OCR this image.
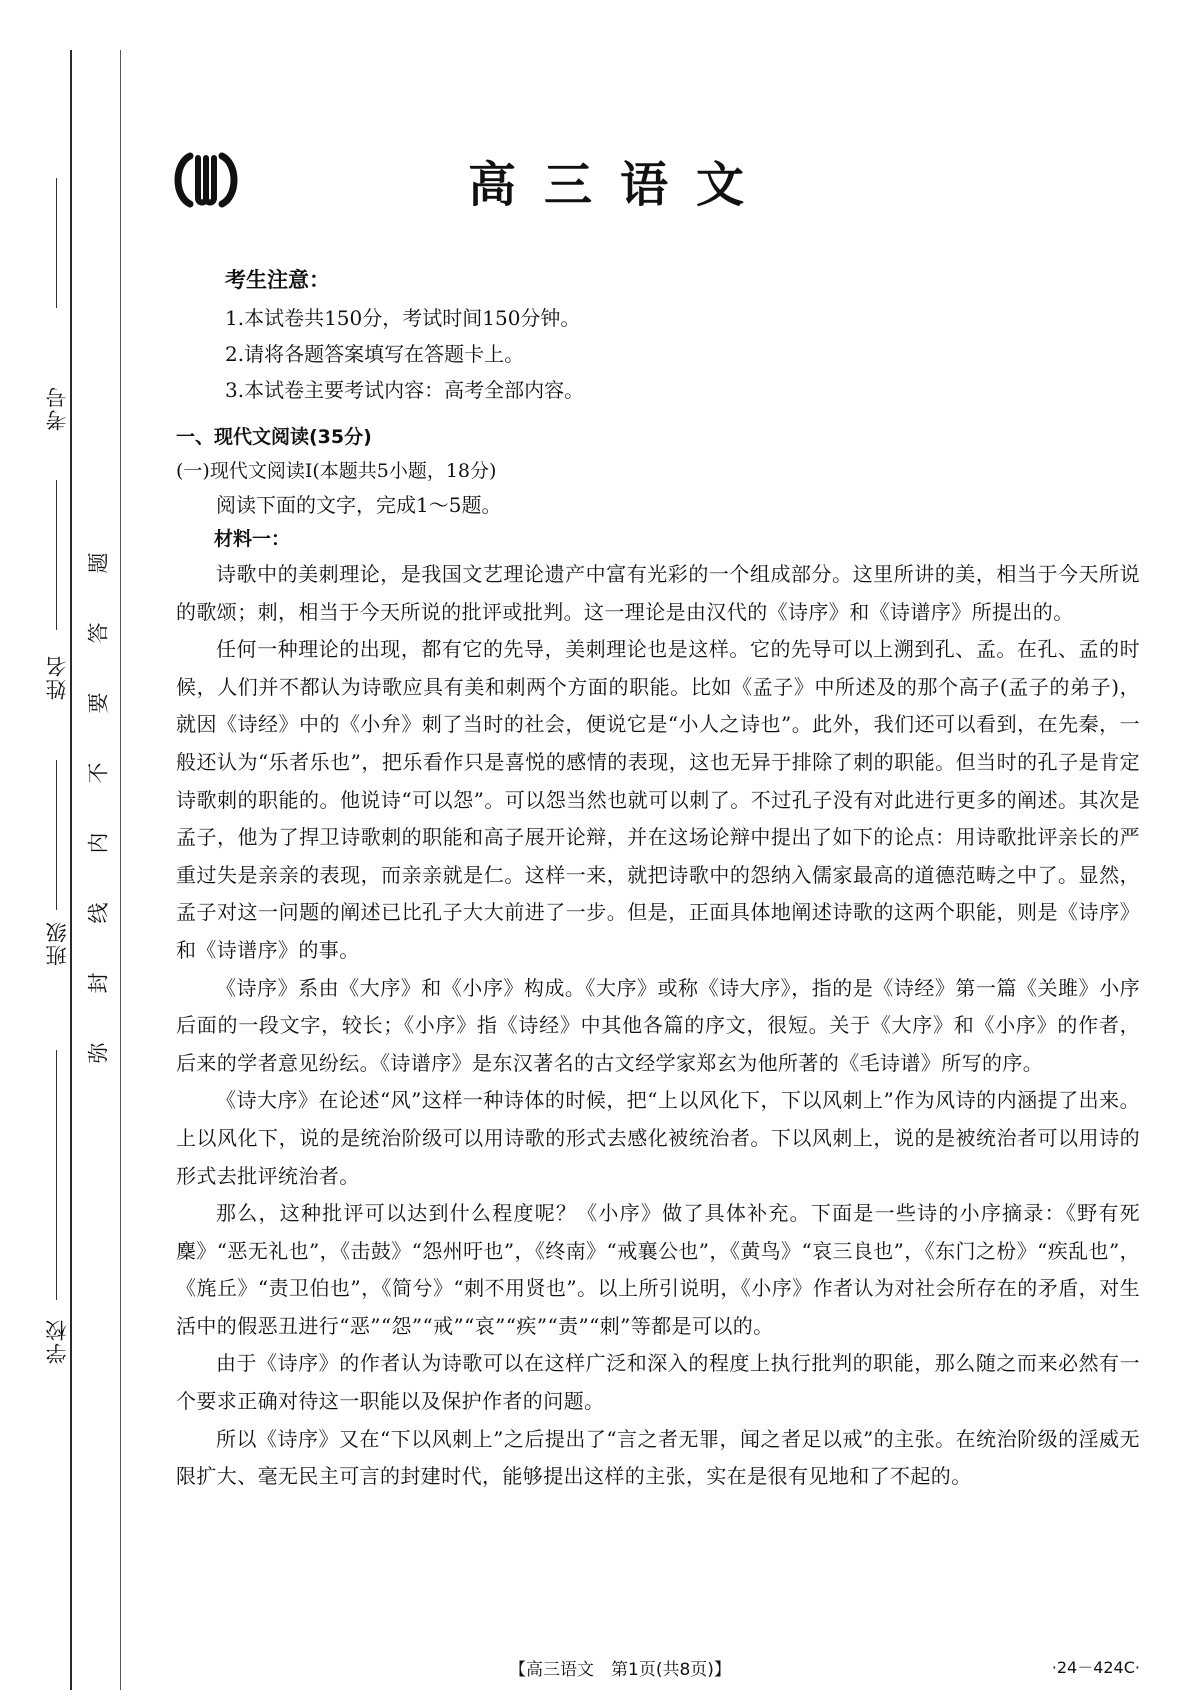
考号
姓名
班级
学校
题
答
要
不
内
线
封
弥
高三语文
考生注意：
1.本试卷共150分，考试时间150分钟。
2.请将各题答案填写在答题卡上。
3.本试卷主要考试内容：高考全部内容。
一、现代文阅读(35分)
(一)现代文阅读Ⅰ(本题共5小题，18分)
阅读下面的文字，完成1～5题。
材料一：

诗歌中的美刺理论，是我国文艺理论遗产中富有光彩的一个组成部分。这里所讲的美，相当于今天所说的歌颂；刺，相当于今天所说的批评或批判。这一理论是由汉代的《诗序》和《诗谱序》所提出的。

任何一种理论的出现，都有它的先导，美刺理论也是这样。它的先导可以上溯到孔、孟。在孔、孟的时候，人们并不都认为诗歌应具有美和刺两个方面的职能。比如《孟子》中所述及的那个高子(孟子的弟子)，就因《诗经》中的《小弁》刺了当时的社会，便说它是“小人之诗也”。此外，我们还可以看到，在先秦，一般还认为“乐者乐也”，把乐看作只是喜悦的感情的表现，这也无异于排除了刺的职能。但当时的孔子是肯定诗歌刺的职能的。他说诗“可以怨”。可以怨当然也就可以刺了。不过孔子没有对此进行更多的阐述。其次是孟子，他为了捍卫诗歌刺的职能和高子展开论辩，并在这场论辩中提出了如下的论点：用诗歌批评亲长的严重过失是亲亲的表现，而亲亲就是仁。这样一来，就把诗歌中的怨纳入儒家最高的道德范畴之中了。显然，孟子对这一问题的阐述已比孔子大大前进了一步。但是，正面具体地阐述诗歌的这两个职能，则是《诗序》和《诗谱序》的事。

《诗序》系由《大序》和《小序》构成。《大序》或称《诗大序》，指的是《诗经》第一篇《关雎》小序后面的一段文字，较长；《小序》指《诗经》中其他各篇的序文，很短。关于《大序》和《小序》的作者，后来的学者意见纷纭。《诗谱序》是东汉著名的古文经学家郑玄为他所著的《毛诗谱》所写的序。

《诗大序》在论述“风”这样一种诗体的时候，把“上以风化下，下以风刺上”作为风诗的内涵提了出来。上以风化下，说的是统治阶级可以用诗歌的形式去感化被统治者。下以风刺上，说的是被统治者可以用诗的形式去批评统治者。

那么，这种批评可以达到什么程度呢？《小序》做了具体补充。下面是一些诗的小序摘录：《野有死麇》“恶无礼也”，《击鼓》“怨州吁也”，《终南》“戒襄公也”，《黄鸟》“哀三良也”，《东门之枌》“疾乱也”，《旄丘》“责卫伯也”，《简兮》“刺不用贤也”。以上所引说明，《小序》作者认为对社会所存在的矛盾，对生活中的假恶丑进行“恶”“怨”“戒”“哀”“疾”“责”“刺”等都是可以的。

由于《诗序》的作者认为诗歌可以在这样广泛和深入的程度上执行批判的职能，那么随之而来必然有一个要求正确对待这一职能以及保护作者的问题。

所以《诗序》又在“下以风刺上”之后提出了“言之者无罪，闻之者足以戒”的主张。在统治阶级的淫威无限扩大、毫无民主可言的封建时代，能够提出这样的主张，实在是很有见地和了不起的。

【高三语文　第1页(共8页)】	·24－424C·
